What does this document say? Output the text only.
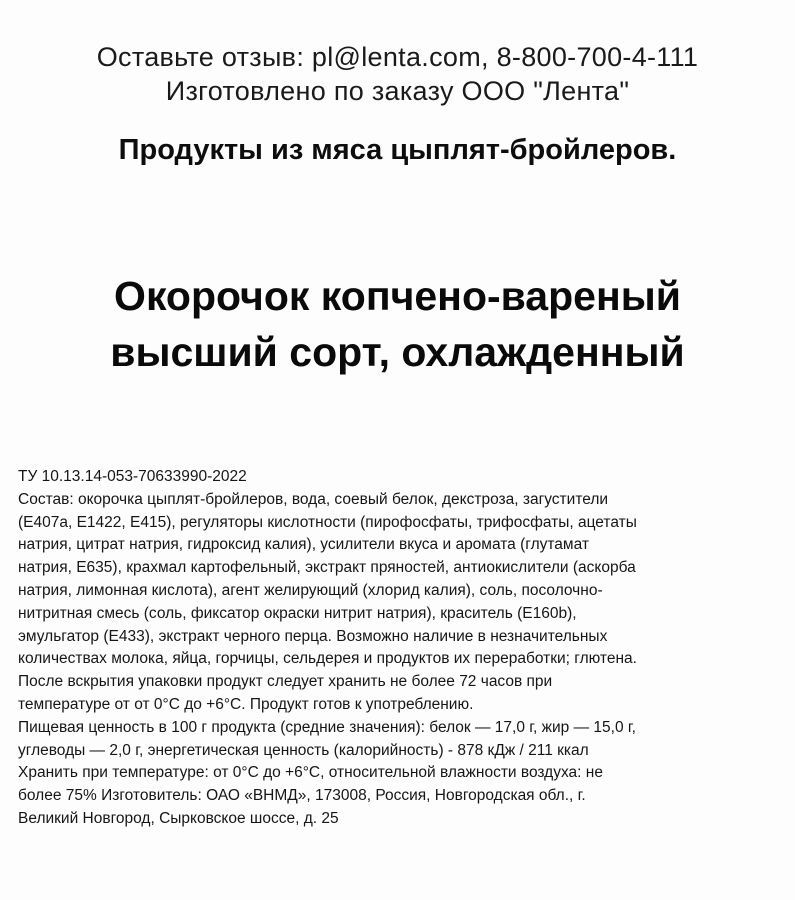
Оставьте отзыв: pl@lenta.com, 8-800-700-4-111
Изготовлено по заказу ООО "Лента"
Продукты из мяса цыплят-бройлеров.
Окорочок копчено-вареный
высший сорт, охлажденный
ТУ 10.13.14-053-70633990-2022
Состав: окорочка цыплят-бройлеров, вода, соевый белок, декстроза, загустители
(Е407а, Е1422, Е415), регуляторы кислотности (пирофосфаты, трифосфаты, ацетаты
натрия, цитрат натрия, гидроксид калия), усилители вкуса и аромата (глутамат
натрия, Е635), крахмал картофельный, экстракт пряностей, антиокислители (аскорба
натрия, лимонная кислота), агент желирующий (хлорид калия), соль, посолочно-
нитритная смесь (соль, фиксатор окраски нитрит натрия), краситель (Е160b),
эмульгатор (Е433), экстракт черного перца. Возможно наличие в незначительных
количествах молока, яйца, горчицы, сельдерея и продуктов их переработки; глютена.
После вскрытия упаковки продукт следует хранить не более 72 часов при
температуре от от 0°С до +6°С. Продукт готов к употреблению.
Пищевая ценность в 100 г продукта (средние значения): белок — 17,0 г, жир — 15,0 г,
углеводы — 2,0 г, энергетическая ценность (калорийность) - 878 кДж / 211 ккал
Хранить при температуре: от 0°С до +6°С, относительной влажности воздуха: не
более 75% Изготовитель: ОАО «ВНМД», 173008, Россия, Новгородская обл., г.
Великий Новгород, Сырковское шоссе, д. 25
